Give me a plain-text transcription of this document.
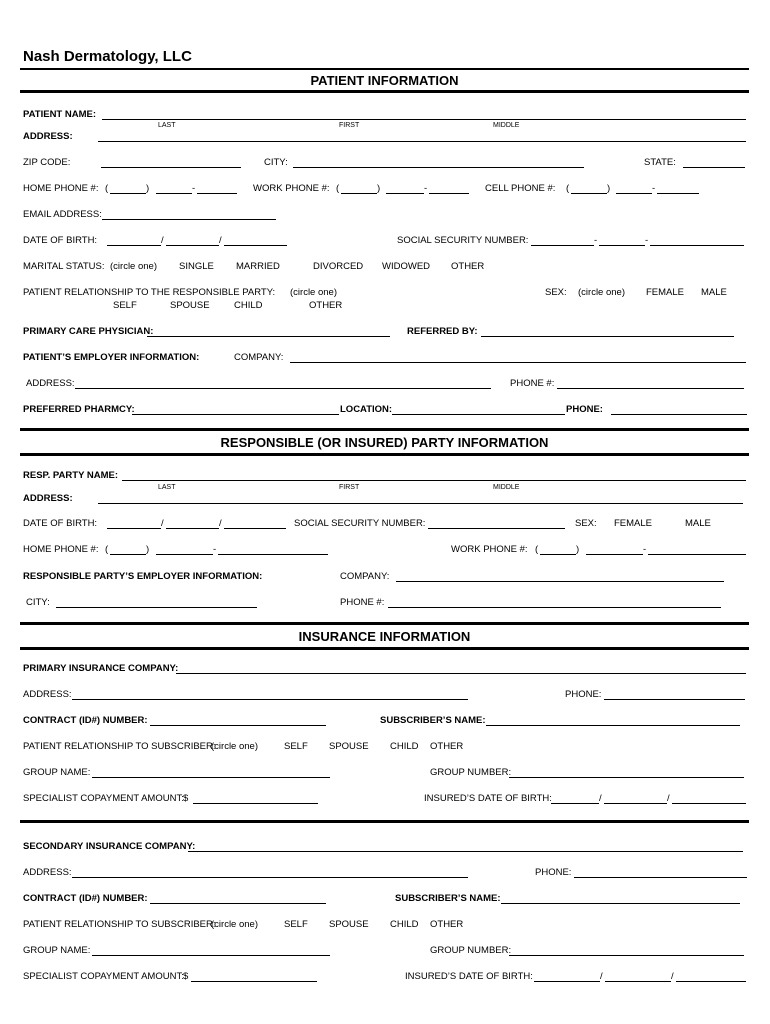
Nash Dermatology, LLC
PATIENT INFORMATION
PATIENT NAME:
LAST	FIRST	MIDDLE
ADDRESS:
ZIP CODE:	CITY:	STATE:
HOME PHONE #: (	)	-	WORK PHONE #: (	)	-	CELL PHONE #: (	)	-
EMAIL ADDRESS:
DATE OF BIRTH:	/	/	SOCIAL SECURITY NUMBER:	-	-
MARITAL STATUS: (circle one) SINGLE MARRIED	DIVORCED WIDOWED OTHER
PATIENT RELATIONSHIP TO THE RESPONSIBLE PARTY: (circle one)
SELF	SPOUSE	CHILD	OTHER
SEX: (circle one) FEMALE MALE
PRIMARY CARE PHYSICIAN:	REFERRED BY:
PATIENT’S EMPLOYER INFORMATION:	COMPANY:
ADDRESS:	PHONE #:
PREFERRED PHARMCY:	LOCATION:	PHONE:
RESPONSIBLE (OR INSURED) PARTY INFORMATION
RESP. PARTY NAME:
LAST	FIRST	MIDDLE
ADDRESS:
DATE OF BIRTH:	/	/	SOCIAL SECURITY NUMBER:	SEX: FEMALE	MALE
HOME PHONE #: (	)	-	WORK PHONE #: (	)	-
RESPONSIBLE PARTY’S EMPLOYER INFORMATION:	COMPANY:
CITY:	PHONE #:
INSURANCE INFORMATION
PRIMARY INSURANCE COMPANY:
ADDRESS:	PHONE:
CONTRACT (ID#) NUMBER:	SUBSCRIBER’S NAME:
PATIENT RELATIONSHIP TO SUBSCRIBER:
(circle one)	SELF SPOUSE CHILD OTHER
GROUP NAME:	GROUP NUMBER:
SPECIALIST COPAYMENT AMOUNT: $	INSURED’S DATE OF BIRTH:	/	/
SECONDARY INSURANCE COMPANY:
ADDRESS:	PHONE:
CONTRACT (ID#) NUMBER:	SUBSCRIBER’S NAME:
PATIENT RELATIONSHIP TO SUBSCRIBER:
(circle one)	SELF SPOUSE CHILD OTHER
GROUP NAME:	GROUP NUMBER:
SPECIALIST COPAYMENT AMOUNT: $	INSURED’S DATE OF BIRTH:	/	/
